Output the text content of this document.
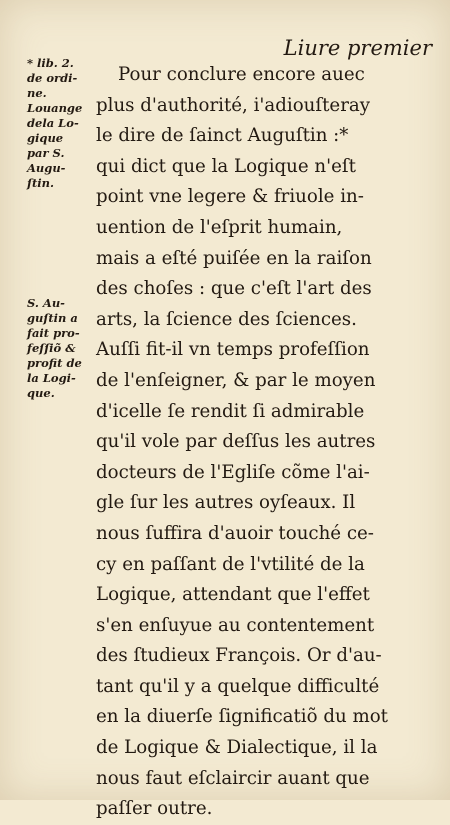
Liure premier
* lib. 2.
de ordi-
ne.
Louange
dela Lo-
gique
par S.
Augu-
ſtin.
S. Au-
guſtin a
fait pro-
feſſiõ &
profit de
la Logi-
que.
Pour conclure encore auec
plus d'authorité, i'adiouſteray
le dire de ſainct Auguſtin :*
qui dict que la Logique n'eſt
point vne legere & friuole in-
uention de l'eſprit humain,
mais a eſté puiſée en la raiſon
des choſes : que c'eſt l'art des
arts, la ſcience des ſciences.
Auſſi fit-il vn temps profeſſion
de l'enſeigner, & par le moyen
d'icelle ſe rendit ſi admirable
qu'il vole par deſſus les autres
docteurs de l'Egliſe cõme l'ai-
gle ſur les autres oyſeaux. Il
nous ſuffira d'auoir touché ce-
cy en paſſant de l'vtilité de la
Logique, attendant que l'effet
s'en enſuyue au contentement
des ſtudieux François. Or d'au-
tant qu'il y a quelque difficulté
en la diuerſe ſignificatiõ du mot
de Logique & Dialectique, il la
nous faut eſclaircir auant que
paſſer outre.
